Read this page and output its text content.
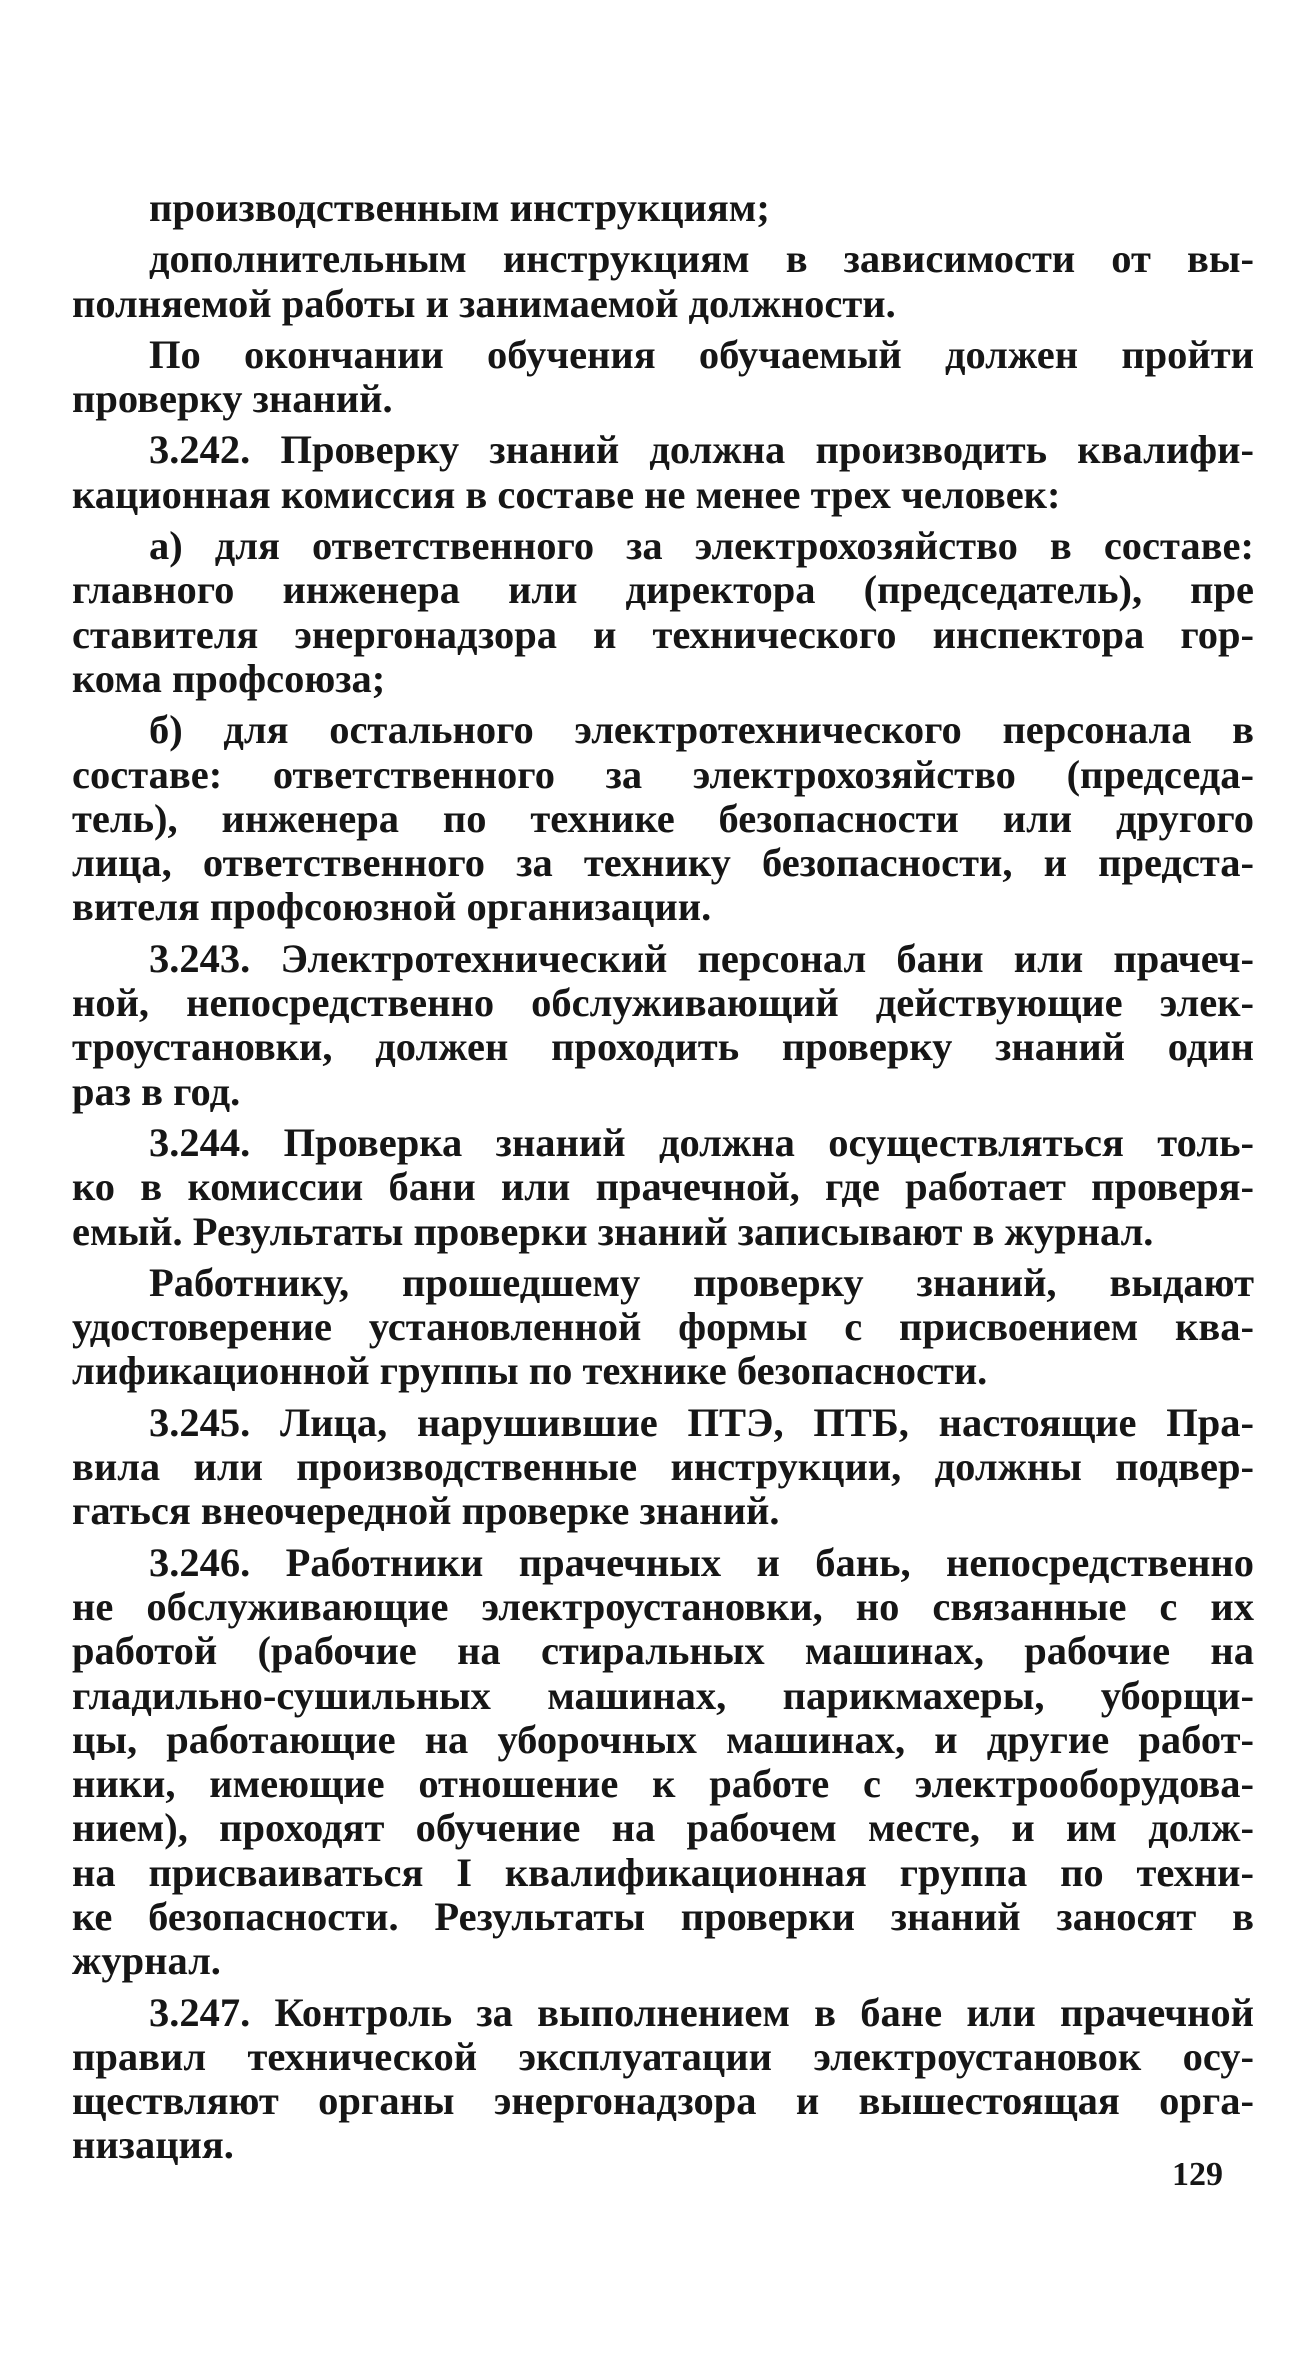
производственным инструкциям;
дополнительным инструкциям в зависимости от вы-
полняемой работы и занимаемой должности.
По окончании обучения обучаемый должен пройти
проверку знаний.
3.242. Проверку знаний должна производить квалифи-
кационная комиссия в составе не менее трех человек:
а) для ответственного за электрохозяйство в составе:
главного инженера или директора (председатель), пре
ставителя энергонадзора и технического инспектора гор-
кома профсоюза;
б) для остального электротехнического персонала в
составе: ответственного за электрохозяйство (председа-
тель), инженера по технике безопасности или другого
лица, ответственного за технику безопасности, и предста-
вителя профсоюзной организации.
3.243. Электротехнический персонал бани или прачеч-
ной, непосредственно обслуживающий действующие элек-
троустановки, должен проходить проверку знаний один
раз в год.
3.244. Проверка знаний должна осуществляться толь-
ко в комиссии бани или прачечной, где работает проверя-
емый. Результаты проверки знаний записывают в журнал.
Работнику, прошедшему проверку знаний, выдают
удостоверение установленной формы с присвоением ква-
лификационной группы по технике безопасности.
3.245. Лица, нарушившие ПТЭ, ПТБ, настоящие Пра-
вила или производственные инструкции, должны подвер-
гаться внеочередной проверке знаний.
3.246. Работники прачечных и бань, непосредственно
не обслуживающие электроустановки, но связанные с их
работой (рабочие на стиральных машинах, рабочие на
гладильно-сушильных машинах, парикмахеры, уборщи-
цы, работающие на уборочных машинах, и другие работ-
ники, имеющие отношение к работе с электрооборудова-
нием), проходят обучение на рабочем месте, и им долж-
на присваиваться I квалификационная группа по техни-
ке безопасности. Результаты проверки знаний заносят в
журнал.
3.247. Контроль за выполнением в бане или прачечной
правил технической эксплуатации электроустановок осу-
ществляют органы энергонадзора и вышестоящая орга-
низация.
129
